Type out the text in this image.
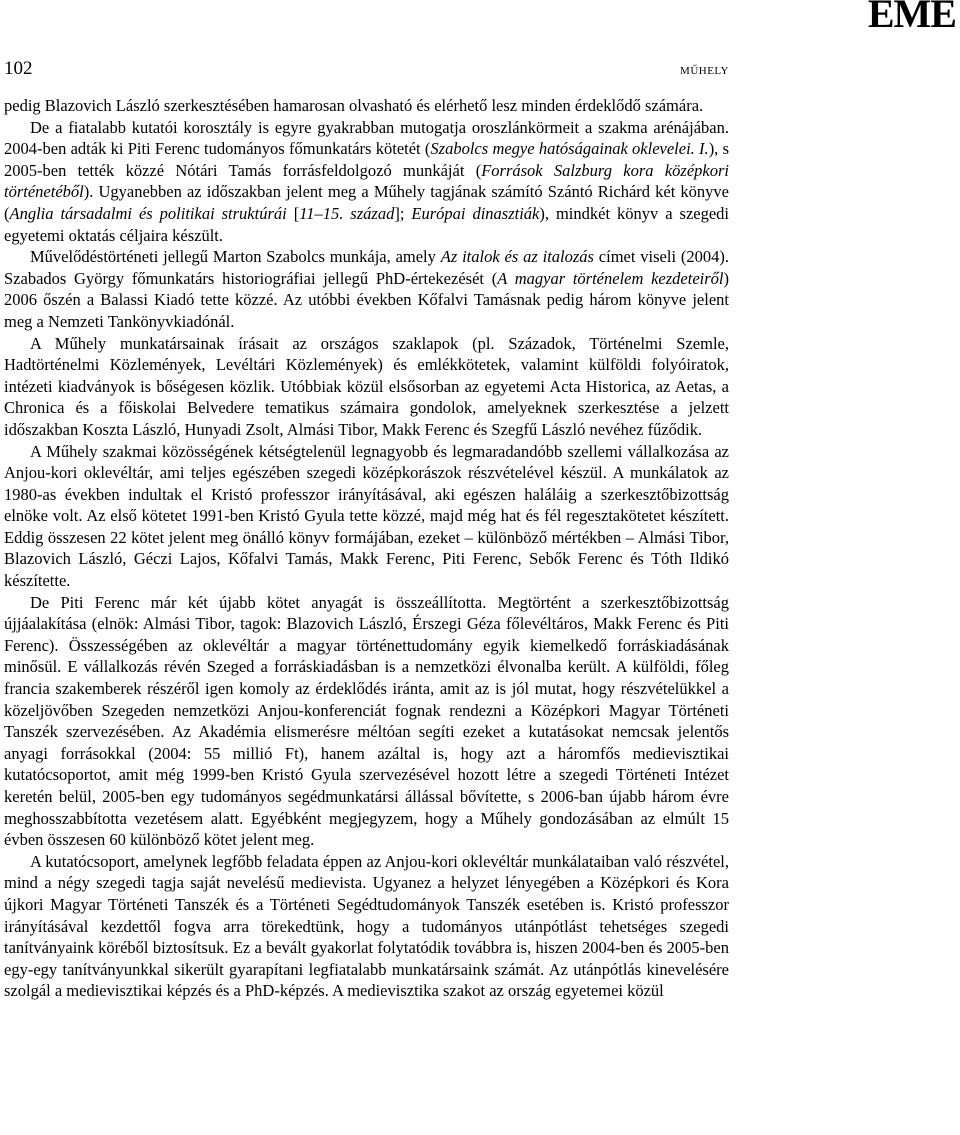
EME
102	MŰHELY

pedig Blazovich László szerkesztésében hamarosan olvasható és elérhető lesz minden érdeklődő számára.

De a fiatalabb kutatói korosztály is egyre gyakrabban mutogatja oroszlánkörmeit a szakma arénájában. 2004-ben adták ki Piti Ferenc tudományos főmunkatárs kötetét (Szabolcs megye hatóságainak oklevelei. I.), s 2005-ben tették közzé Nótári Tamás forrásfeldolgozó munkáját (Források Salzburg kora középkori történetéből). Ugyanebben az időszakban jelent meg a Műhely tagjának számító Szántó Richárd két könyve (Anglia társadalmi és politikai struktúrái [11–15. század]; Európai dinasztiák), mindkét könyv a szegedi egyetemi oktatás céljaira készült.

Művelődéstörténeti jellegű Marton Szabolcs munkája, amely Az italok és az italozás címet viseli (2004). Szabados György főmunkatárs historiográfiai jellegű PhD-értekezését (A magyar történelem kezdeteiről) 2006 őszén a Balassi Kiadó tette közzé. Az utóbbi években Kőfalvi Tamásnak pedig három könyve jelent meg a Nemzeti Tankönyvkiadónál.

A Műhely munkatársainak írásait az országos szaklapok (pl. Századok, Történelmi Szemle, Hadtörténelmi Közlemények, Levéltári Közlemények) és emlékkötetek, valamint külföldi folyóiratok, intézeti kiadványok is bőségesen közlik. Utóbbiak közül elsősorban az egyetemi Acta Historica, az Aetas, a Chronica és a főiskolai Belvedere tematikus számaira gondolok, amelyeknek szerkesztése a jelzett időszakban Koszta László, Hunyadi Zsolt, Almási Tibor, Makk Ferenc és Szegfű László nevéhez fűződik.

A Műhely szakmai közösségének kétségtelenül legnagyobb és legmaradandóbb szellemi vállalkozása az Anjou-kori oklevéltár, ami teljes egészében szegedi középkorászok részvételével készül. A munkálatok az 1980-as években indultak el Kristó professzor irányításával, aki egészen haláláig a szerkesztőbizottság elnöke volt. Az első kötetet 1991-ben Kristó Gyula tette közzé, majd még hat és fél regesztakötetet készített. Eddig összesen 22 kötet jelent meg önálló könyv formájában, ezeket – különböző mértékben – Almási Tibor, Blazovich László, Géczi Lajos, Kőfalvi Tamás, Makk Ferenc, Piti Ferenc, Sebők Ferenc és Tóth Ildikó készítette.

De Piti Ferenc már két újabb kötet anyagát is összeállította. Megtörtént a szerkesztőbizottság újjáalakítása (elnök: Almási Tibor, tagok: Blazovich László, Érszegi Géza főlevéltáros, Makk Ferenc és Piti Ferenc). Összességében az oklevéltár a magyar történettudomány egyik kiemelkedő forráskiadásának minősül. E vállalkozás révén Szeged a forráskiadásban is a nemzetközi élvonalba került. A külföldi, főleg francia szakemberek részéről igen komoly az érdeklődés iránta, amit az is jól mutat, hogy részvételükkel a közeljövőben Szegeden nemzetközi Anjou-konferenciát fognak rendezni a Középkori Magyar Történeti Tanszék szervezésében. Az Akadémia elismerésre méltóan segíti ezeket a kutatásokat nemcsak jelentős anyagi forrásokkal (2004: 55 millió Ft), hanem azáltal is, hogy azt a háromfős medievisztikai kutatócsoportot, amit még 1999-ben Kristó Gyula szervezésével hozott létre a szegedi Történeti Intézet keretén belül, 2005-ben egy tudományos segédmunkatársi állással bővítette, s 2006-ban újabb három évre meghosszabbította vezetésem alatt. Egyébként megjegyzem, hogy a Műhely gondozásában az elmúlt 15 évben összesen 60 különböző kötet jelent meg.

A kutatócsoport, amelynek legfőbb feladata éppen az Anjou-kori oklevéltár munkálataiban való részvétel, mind a négy szegedi tagja saját nevelésű medievista. Ugyanez a helyzet lényegében a Középkori és Kora újkori Magyar Történeti Tanszék és a Történeti Segédtudományok Tanszék esetében is. Kristó professzor irányításával kezdettől fogva arra törekedtünk, hogy a tudományos utánpótlást tehetséges szegedi tanítványaink köréből biztosítsuk. Ez a bevált gyakorlat folytatódik továbbra is, hiszen 2004-ben és 2005-ben egy-egy tanítványunkkal sikerült gyarapítani legfiatalabb munkatársaink számát. Az utánpótlás kinevelésére szolgál a medievisztikai képzés és a PhD-képzés. A medievisztika szakot az ország egyetemei közül
